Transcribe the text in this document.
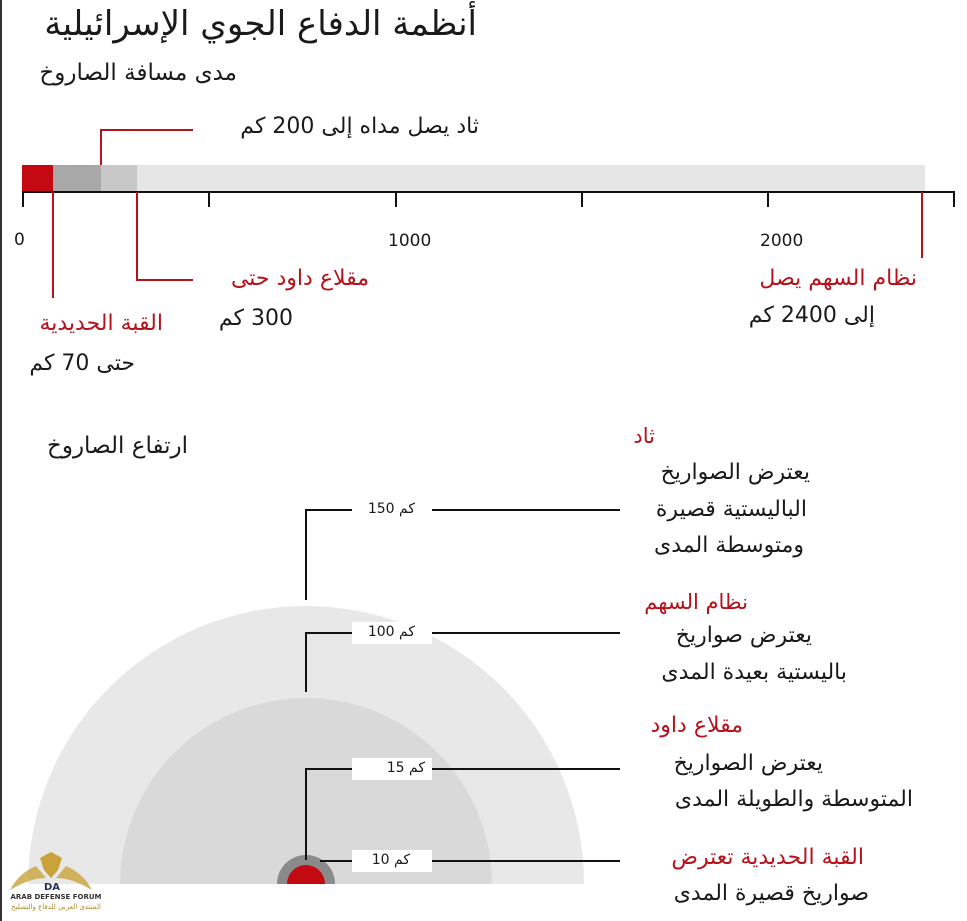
أنظمة الدفاع الجوي الإسرائيلية
مدى مسافة الصاروخ
ثاد يصل مداه إلى 200 كم
0	1000	2000
مقلاع داود حتى
300 كم
القبة الحديدية
حتى 70 كم
نظام السهم يصل
إلى 2400 كم
ارتفاع الصاروخ
150 كم
100 كم
15 كم
10 كم
ثاد
يعترض الصواريخ
الباليستية قصيرة
ومتوسطة المدى
نظام السهم
يعترض صواريخ
باليستية بعيدة المدى
مقلاع داود
يعترض الصواريخ
المتوسطة والطويلة المدى
القبة الحديدية تعترض
صواريخ قصيرة المدى
DA
ARAB DEFENSE FORUM
المنتدى العربي للدفاع والتسليح
